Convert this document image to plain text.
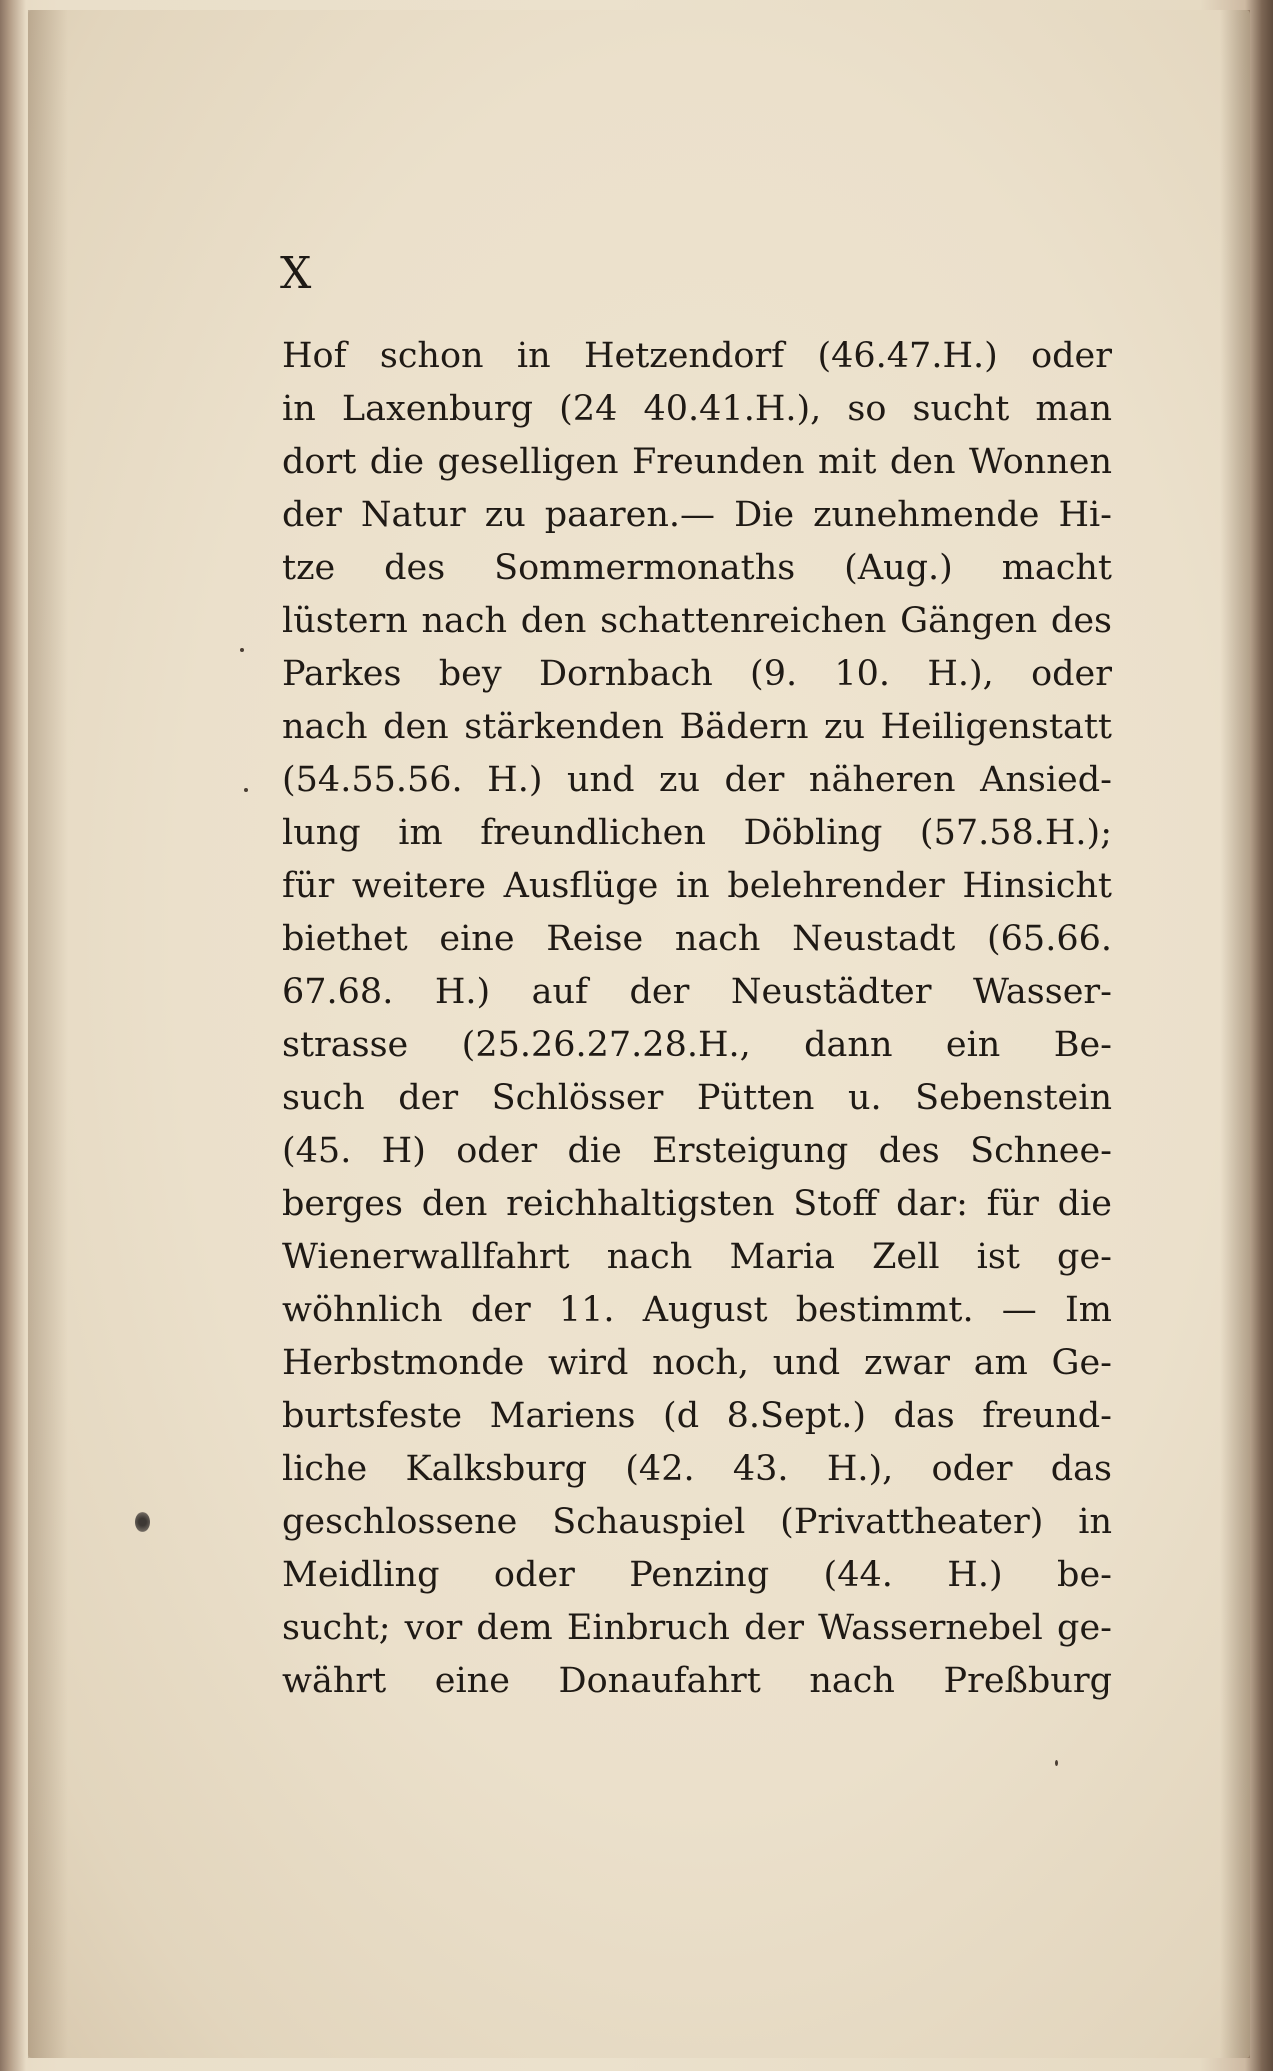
X
Hof schon in Hetzendorf (46.47.H.) oder
in Laxenburg (24 40.41.H.), so sucht man
dort die geselligen Freunden mit den Wonnen
der Natur zu paaren.— Die zunehmende Hi-
tze des Sommermonaths (Aug.) macht
lüstern nach den schattenreichen Gängen des
Parkes bey Dornbach (9. 10. H.), oder
nach den stärkenden Bädern zu Heiligenstatt
(54.55.56. H.) und zu der näheren Ansied-
lung im freundlichen Döbling (57.58.H.);
für weitere Ausflüge in belehrender Hinsicht
biethet eine Reise nach Neustadt (65.66.
67.68. H.) auf der Neustädter Wasser-
strasse (25.26.27.28.H., dann ein Be-
such der Schlösser Pütten u. Sebenstein
(45. H) oder die Ersteigung des Schnee-
berges den reichhaltigsten Stoff dar: für die
Wienerwallfahrt nach Maria Zell ist ge-
wöhnlich der 11. August bestimmt. — Im
Herbstmonde wird noch, und zwar am Ge-
burtsfeste Mariens (d 8.Sept.) das freund-
liche Kalksburg (42. 43. H.), oder das
geschlossene Schauspiel (Privattheater) in
Meidling oder Penzing (44. H.) be-
sucht; vor dem Einbruch der Wassernebel ge-
währt eine Donaufahrt nach Preßburg
